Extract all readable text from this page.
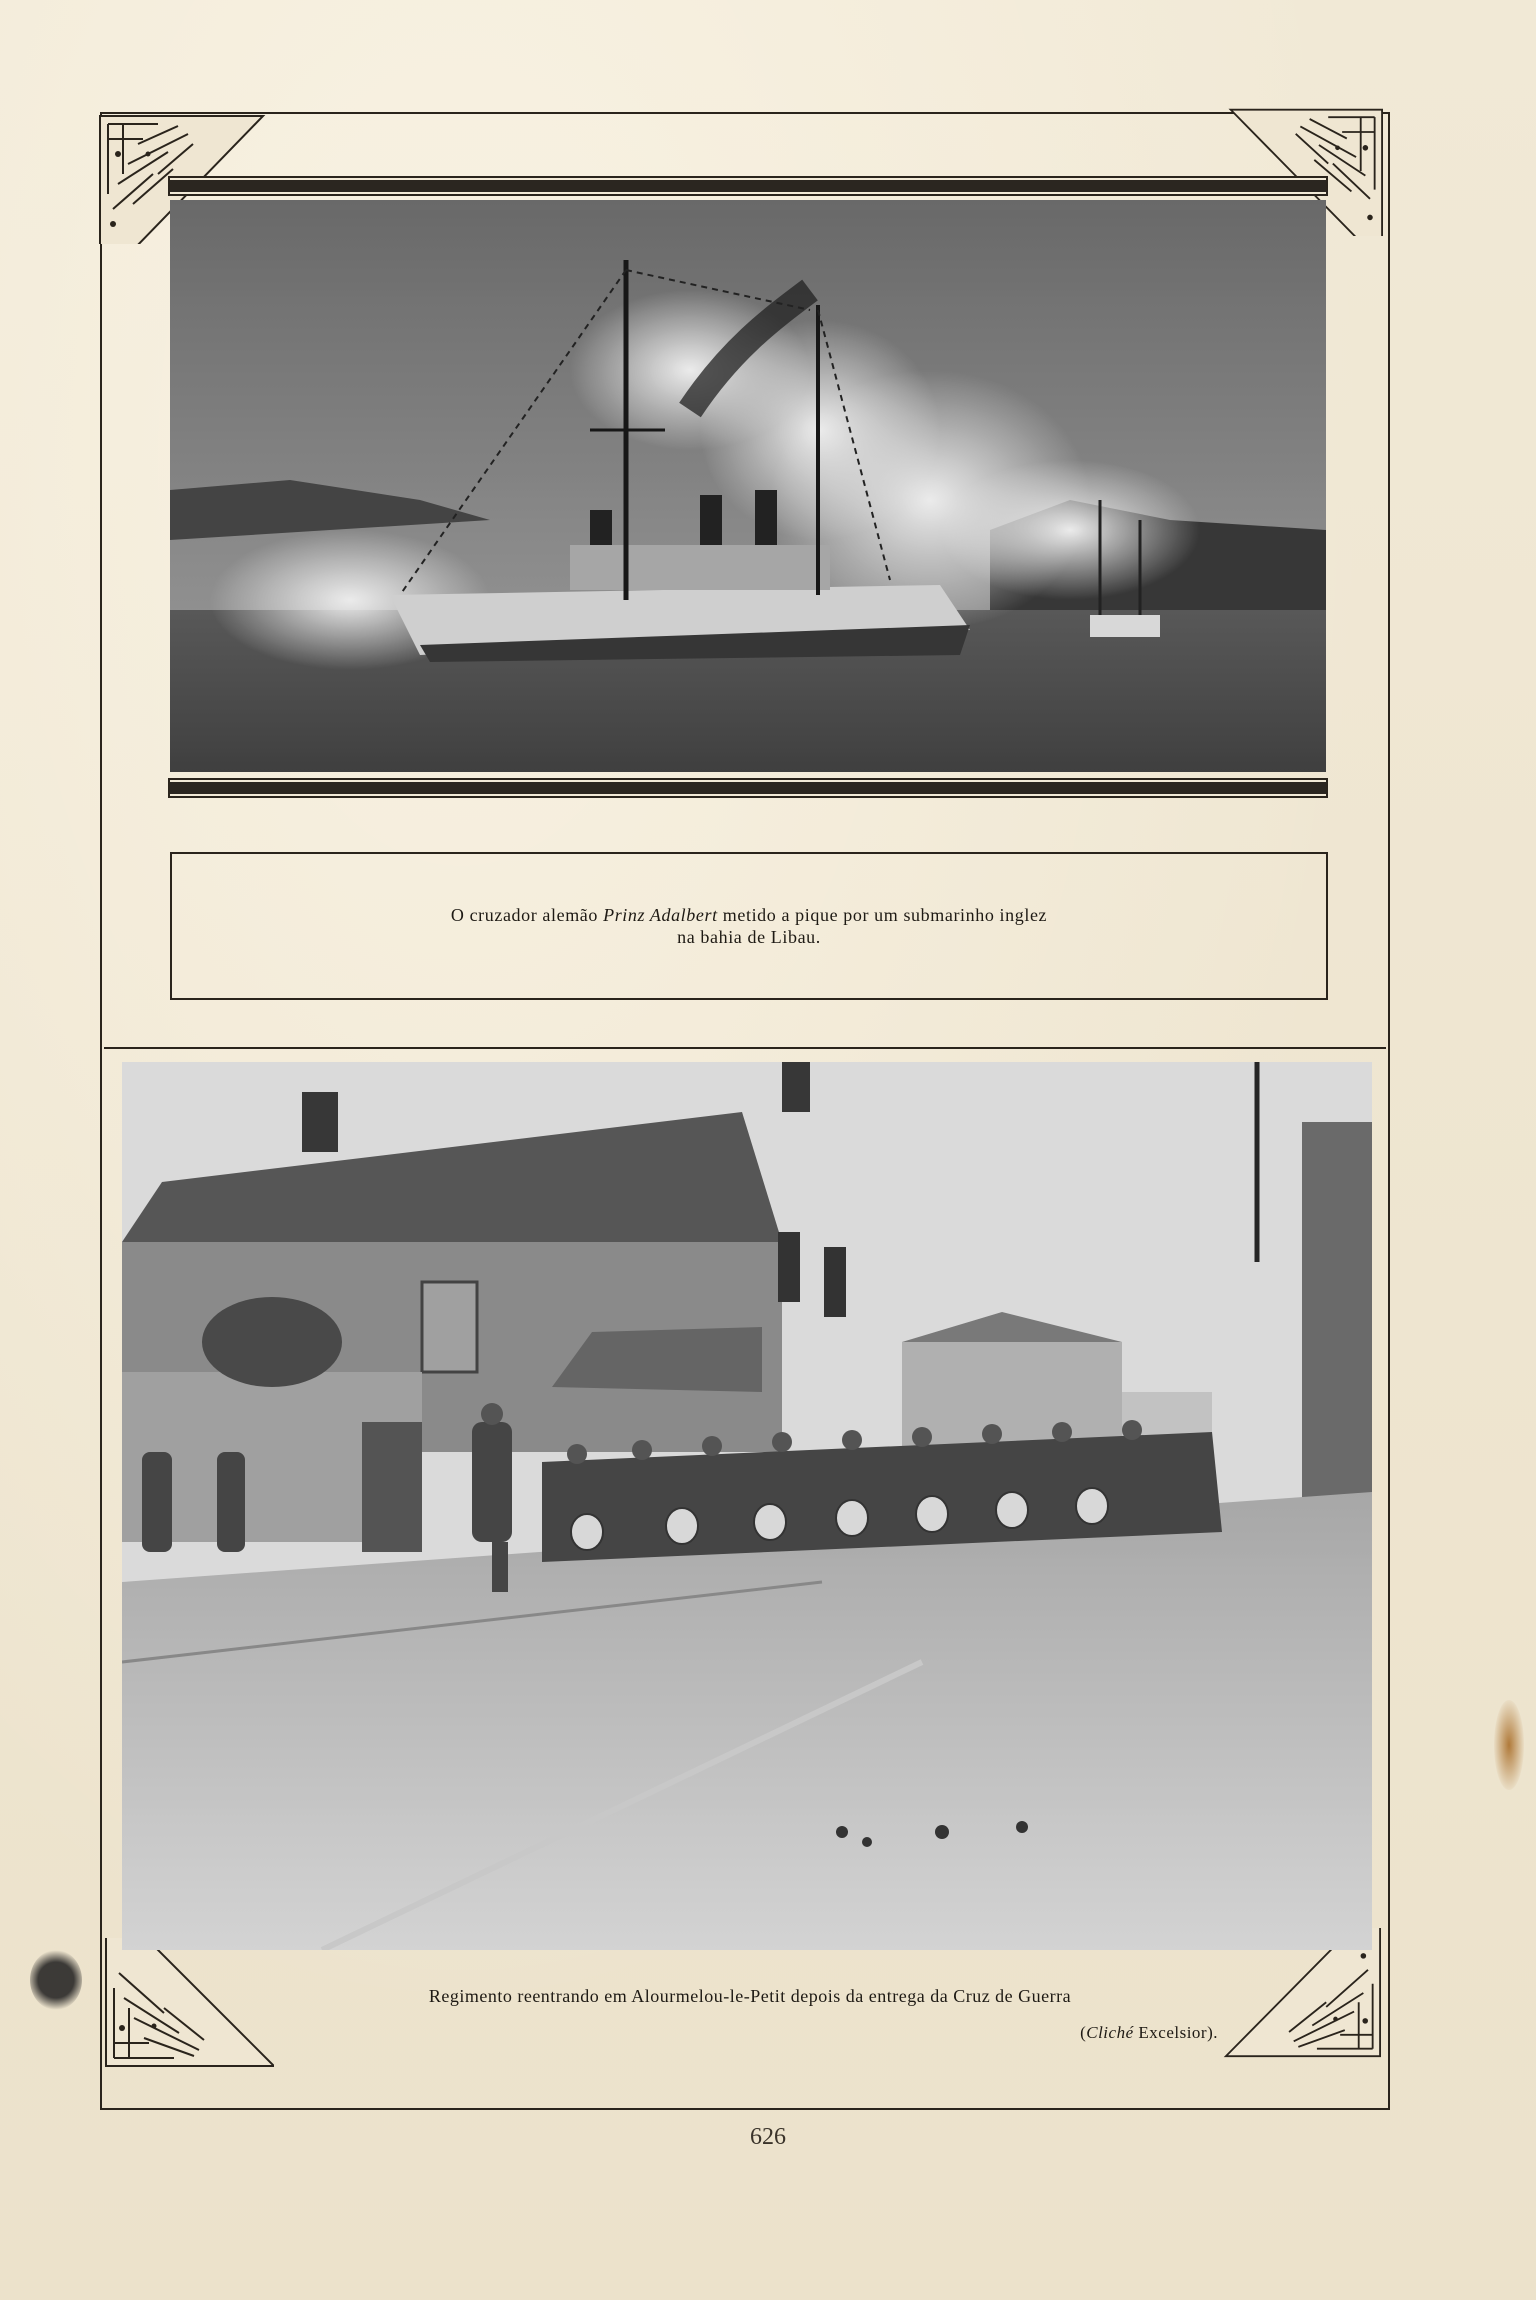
O cruzador alemão Prinz Adalbert metido a pique por um submarinho inglez
na bahia de Libau.
Regimento reentrando em Alourmelou-le-Petit depois da entrega da Cruz de Guerra
(Cliché Excelsior).
626
